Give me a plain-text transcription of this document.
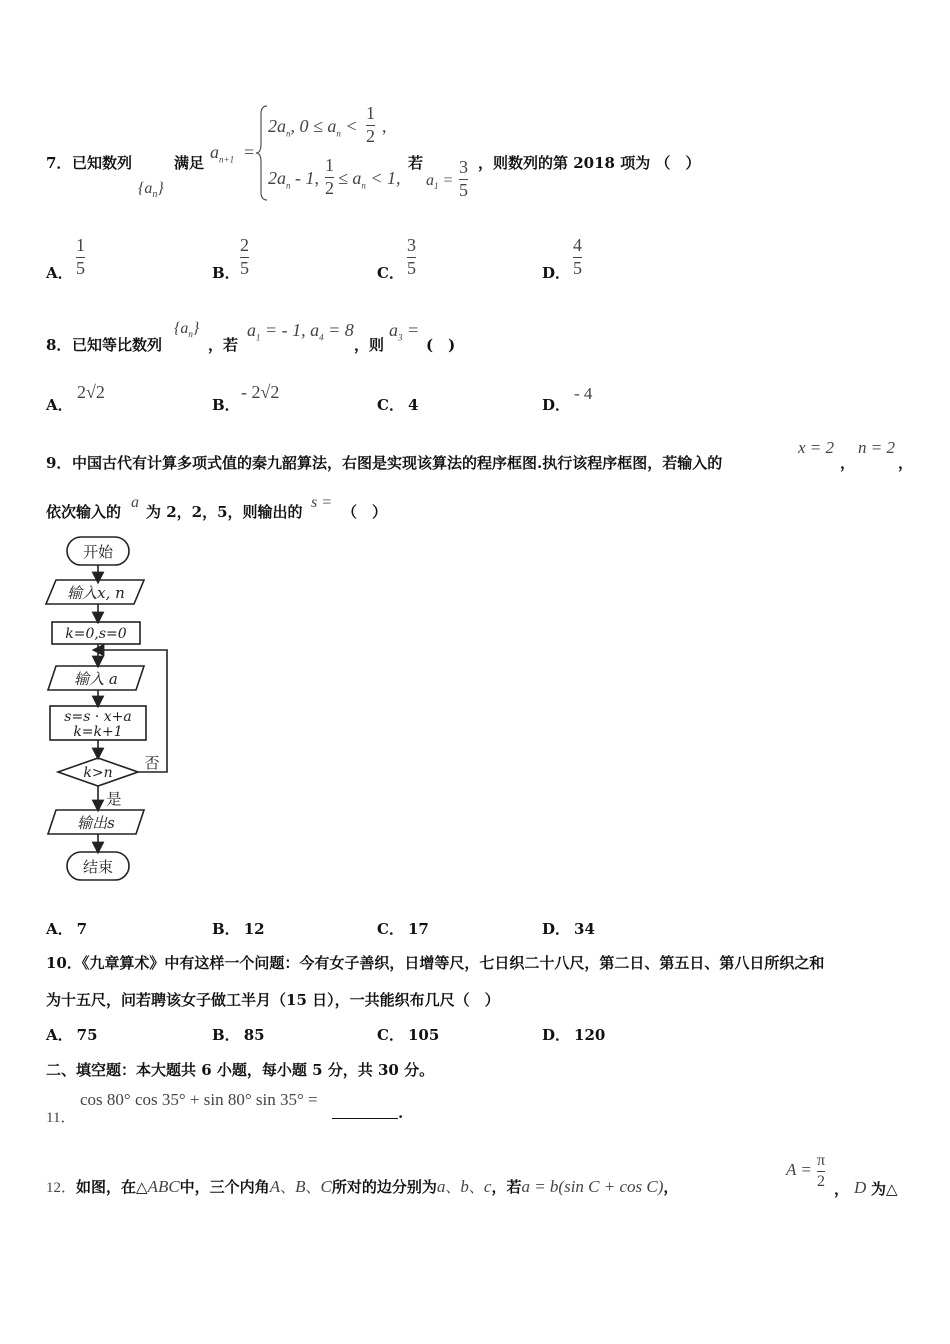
7． 已知数列
$\{a_n\}$
满足
$a_{n+1}$ =
$2a_n$, $0 \le a_n$ <
1
2 ,
$2a_n - 1$,
1
$2 \le a_n < 1$,
若
$a_1$ =
3
5
，则数列的第 2018 项为 （　）
A．
1
5	B．
2
5	C．
3
5	D．
4
5
8． 已知等比数列
$\{a_n\}$
，若
$a_1$ = - 1, $a_4 = 8$
，则
$a_3$ =
(　)
A．
2√2
B．
- 2√2
C． 4	D．
- 4
9． 中国古代有计算多项式值的秦九韶算法，右图是实现该算法的程序框图.执行该程序框图，若输入的
x = 2
，
n = 2
，
依次输入的
a
为 2，2，5，则输出的
s =
（　）
开始
输入x, n
k=0,s=0
输入 a
s=s · x+a
k=k+1
k>n
否
是
输出s
结束
A． 7	B． 12	C． 17	D． 34
10．《九章算术》中有这样一个问题：今有女子善织，日增等尺，七日织二十八尺，第二日、第五日、第八日所织之和
为十五尺，问若聘该女子做工半月（15 日），一共能织布几尺（　）
A． 75	B． 85	C． 105	D． 120
二、填空题：本大题共 6 小题，每小题 5 分，共 30 分。
11．
cos 80° cos 35° + sin 80° sin 35° =
.
12．如图，在△ABC中，三个内角A、B、C所对的边分别为a、b、c，若a = b(sin C + cos C)，
A = π
2 ， D 为△
